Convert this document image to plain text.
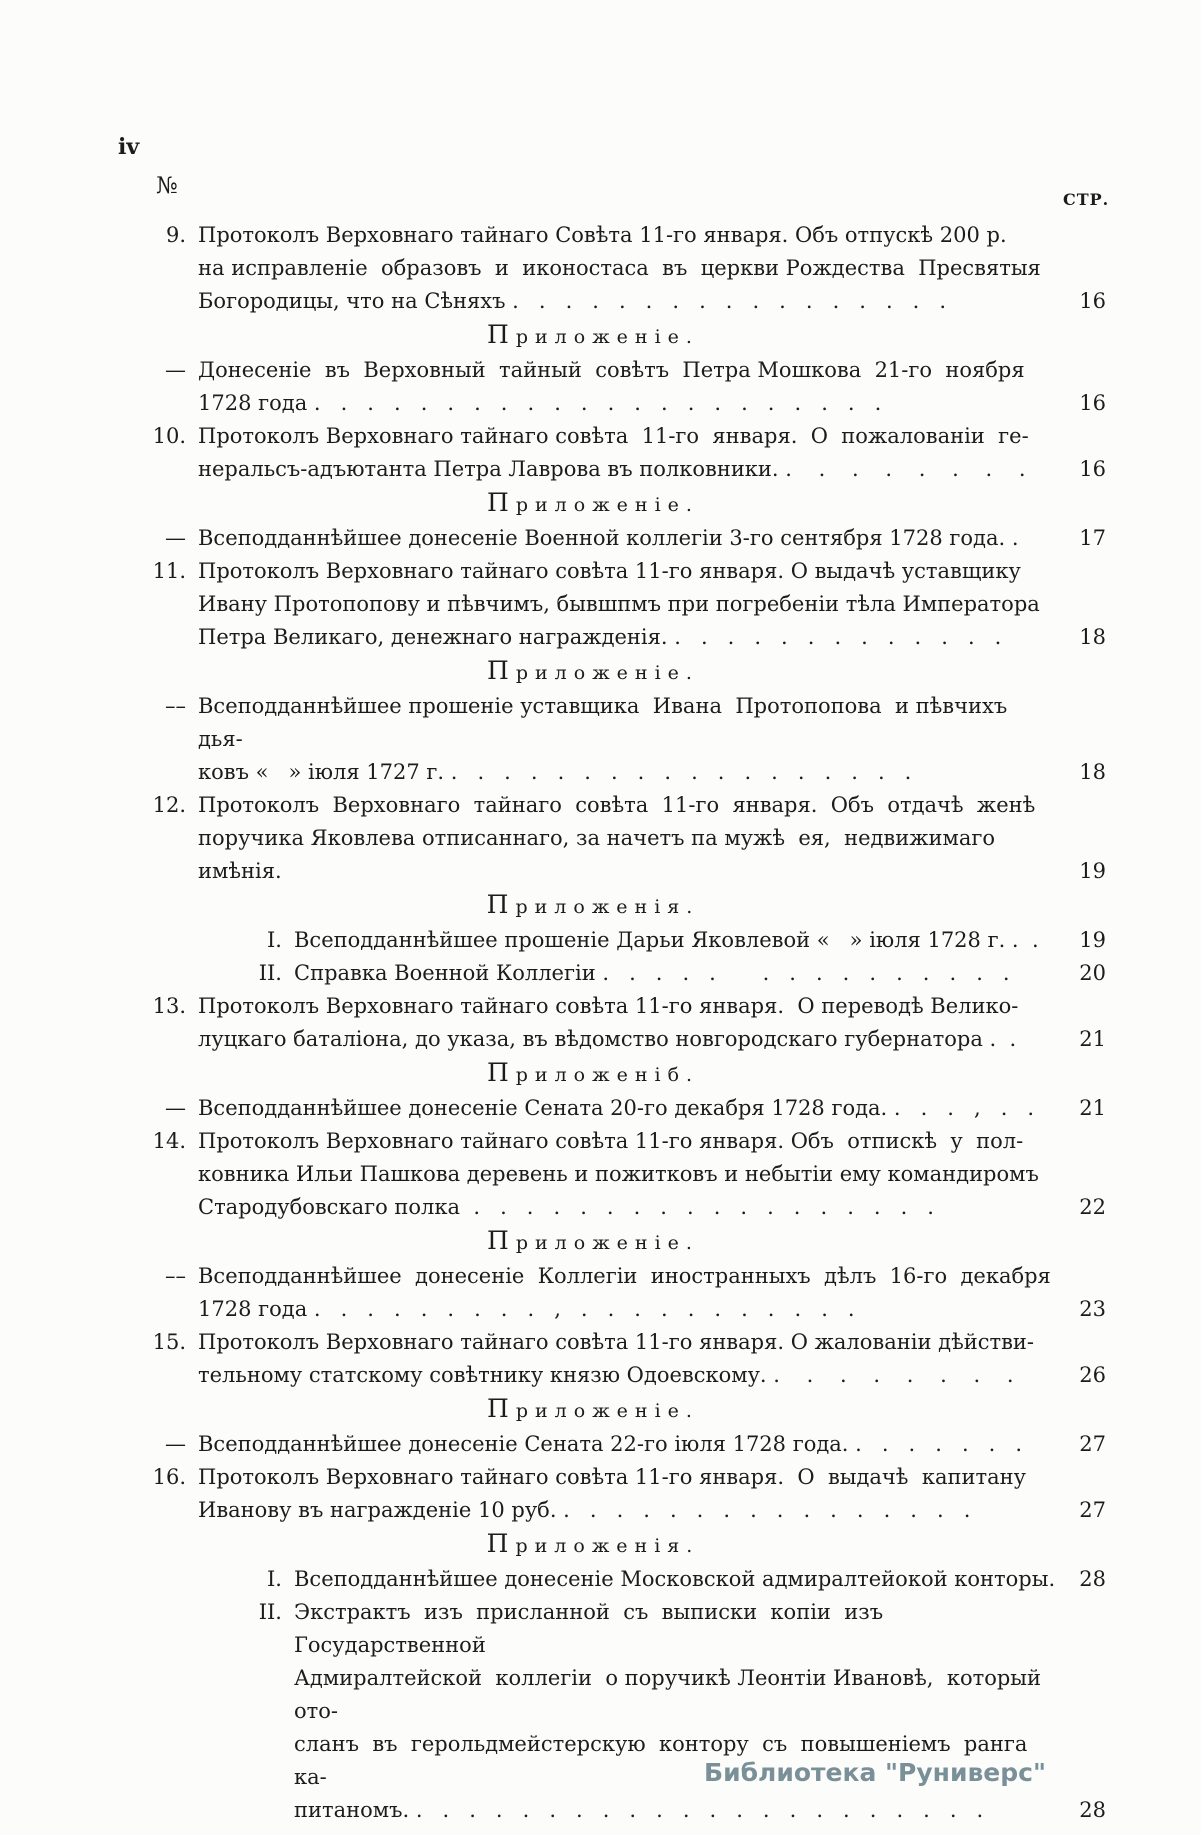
iv
№
СТР.
9. Протоколъ Верховнаго тайнаго Совѣта 11-го января. Объ отпускѣ 200 р.
на исправленіе  образовъ  и  иконостаса  въ  церкви Рождества  Пресвятыя
Богородицы, что на Сѣняхъ .   .   .   .   .   .   .   .   .   .   .   .   .   .   .   .   .	16
Приложеніе.
— Донесеніе  въ  Верховный  тайный  совѣтъ  Петра Мошкова  21-го  ноября
1728 года .   .   .   .   .   .   .   .   .   .   .   .   .   .   .   .   .   .   .   .   .   .	16
10. Протоколъ Верховнаго тайнаго совѣта  11-го  января.  О  пожалованіи  ге-
неральсъ-адъютанта Петра Лаврова въ полковники. .    .    .    .    .    .    .    .	16
Приложеніе.
— Всеподданнѣйшее донесеніе Военной коллегіи 3-го сентября 1728 года. .	17
11. Протоколъ Верховнаго тайнаго совѣта 11-го января. О выдачѣ уставщику
Ивану Протопопову и пѣвчимъ, бывшпмъ при погребеніи тѣла Императора
Петра Великаго, денежнаго награжденія. .   .   .   .   .   .   .   .   .   .   .   .   .	18
Приложеніе.
–– Всеподданнѣйшее прошеніе уставщика  Ивана  Протопопова  и пѣвчихъ дья-
ковъ «   » іюля 1727 г. .   .   .   .   .   .   .   .   .   .   .   .   .   .   .   .   .   .	18
12. Протоколъ  Верховнаго  тайнаго  совѣта  11-го  января.  Объ  отдачѣ  женѣ
поручика Яковлева отписаннаго, за начетъ па мужѣ  ея,  недвижимаго имѣнія.	19
Приложенія.
I. Всеподданнѣйшее прошеніе Дарьи Яковлевой «   » іюля 1728 г. .  .	19
II. Справка Военной Коллегіи .   .   .   .   .       .   .   .   .   .   .   .   .   .   .	20
13. Протоколъ Верховнаго тайнаго совѣта 11-го января.  О переводѣ Велико-
луцкаго баталіона, до указа, въ вѣдомство новгородскаго губернатора .  .	21
Приложеніб.
— Всеподданнѣйшее донесеніе Сената 20-го декабря 1728 года. .   .   .   ,   .   .	21
14. Протоколъ Верховнаго тайнаго совѣта 11-го января. Объ  отпискѣ  у  пол-
ковника Ильи Пашкова деревень и пожитковъ и небытіи ему командиромъ
Стародубовскаго полка  .   .   .   .   .   .   .   .   .   .   .   .   .   .   .   .   .   .	22
Приложеніе.
–– Всеподданнѣйшее  донесеніе  Коллегіи  иностранныхъ  дѣлъ  16-го  декабря
1728 года .   .   .   .   .   .   .   .   .   ,   .   .   .   .   .   .   .   .   .   .   .	23
15. Протоколъ Верховнаго тайнаго совѣта 11-го января. О жалованіи дѣйстви-
тельному статскому совѣтнику князю Одоевскому. .    .    .    .    .    .    .    .	26
Приложеніе.
— Всеподданнѣйшее донесеніе Сената 22-го іюля 1728 года. .   .   .   .   .   .   .	27
16. Протоколъ Верховнаго тайнаго совѣта 11-го января.  О  выдачѣ  капитану
Иванову въ награжденіе 10 руб. .   .   .   .   .   .   .   .   .   .   .   .   .   .   .   .	27
Приложенія.
I. Всеподданнѣйшее донесеніе Московской адмиралтейокой конторы.	28
II. Экстрактъ  изъ  присланной  съ  выписки  копіи  изъ  Государственной
Адмиралтейской  коллегіи  о поручикѣ Леонтіи Ивановѣ,  который ото-
сланъ  въ  герольдмейстерскую  контору  съ  повышеніемъ  ранга  ка-
питаномъ. .   .   .   .   .   .   .   .   .   .   .   .   .   .   .   .   .   .   .   .   .   .	28
Библиотека "Руниверс"
